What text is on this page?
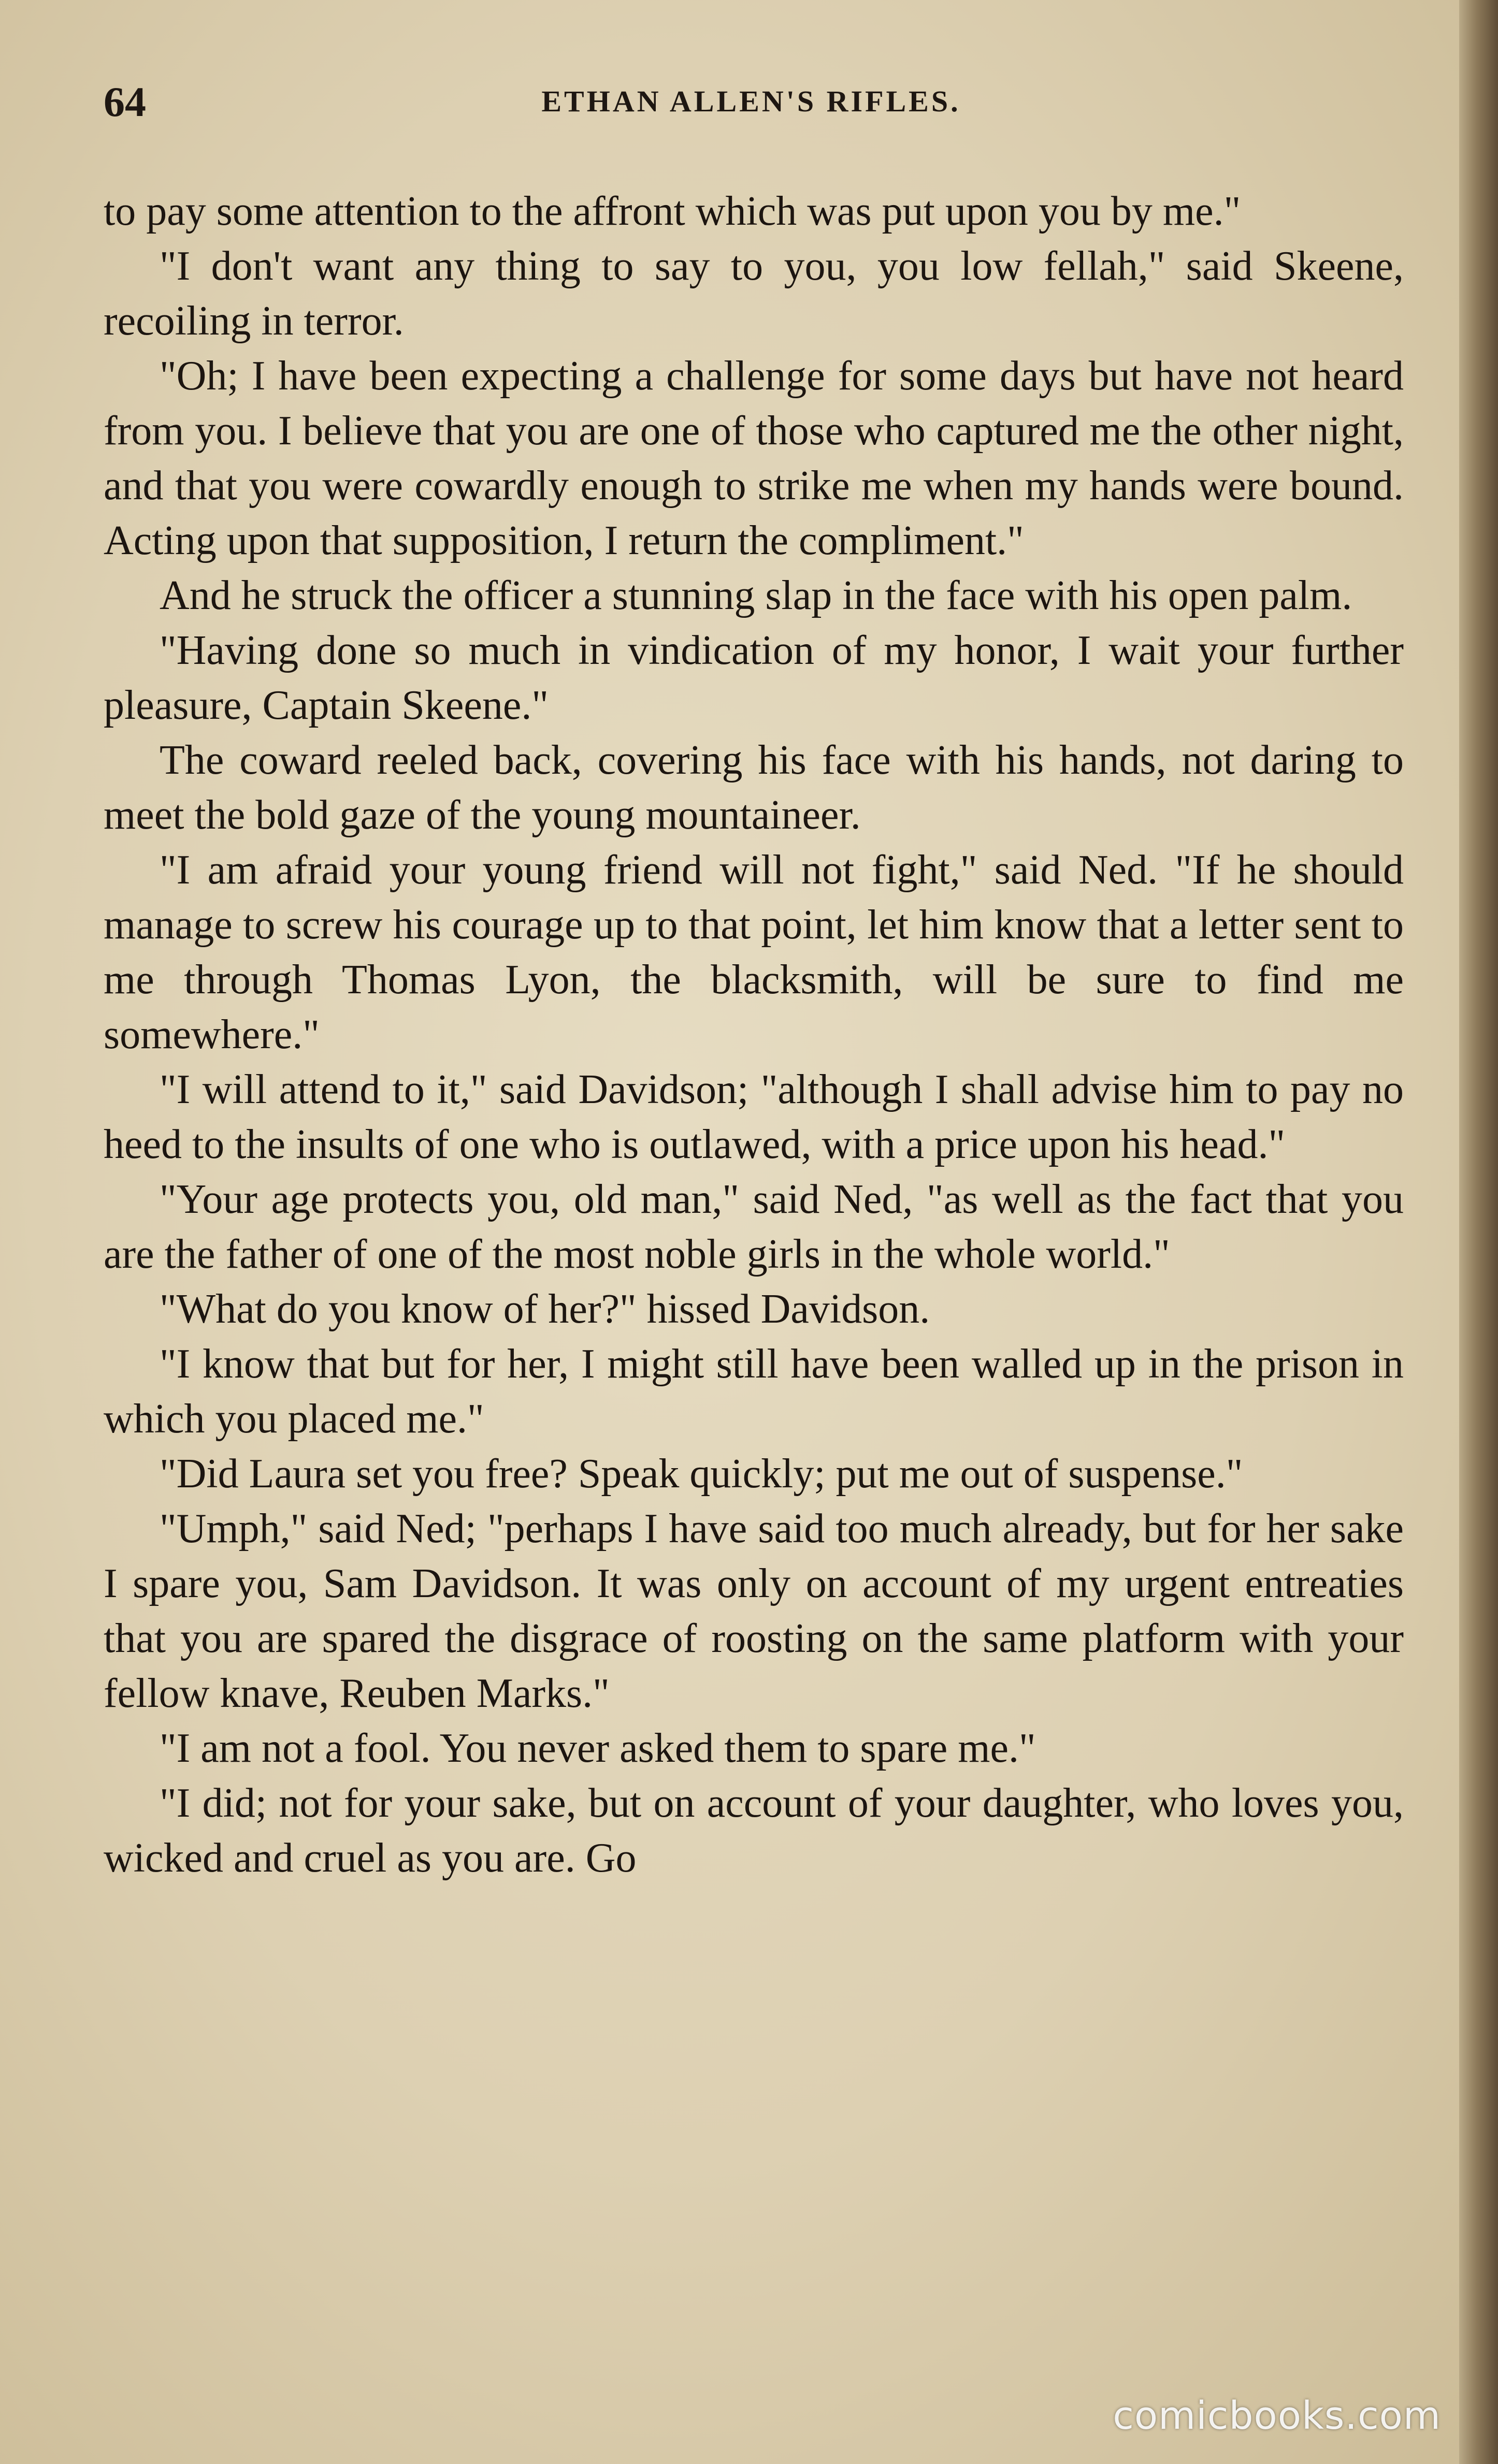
64	ETHAN ALLEN'S RIFLES.

to pay some attention to the affront which was put upon you by me."

"I don't want any thing to say to you, you low fellah," said Skeene, recoiling in terror.

"Oh; I have been expecting a challenge for some days but have not heard from you. I believe that you are one of those who captured me the other night, and that you were cowardly enough to strike me when my hands were bound. Acting upon that supposition, I return the compliment."

And he struck the officer a stunning slap in the face with his open palm.

"Having done so much in vindication of my honor, I wait your further pleasure, Captain Skeene."

The coward reeled back, covering his face with his hands, not daring to meet the bold gaze of the young mountaineer.

"I am afraid your young friend will not fight," said Ned. "If he should manage to screw his courage up to that point, let him know that a letter sent to me through Thomas Lyon, the blacksmith, will be sure to find me somewhere."

"I will attend to it," said Davidson; "although I shall advise him to pay no heed to the insults of one who is outlawed, with a price upon his head."

"Your age protects you, old man," said Ned, "as well as the fact that you are the father of one of the most noble girls in the whole world."

"What do you know of her?" hissed Davidson.

"I know that but for her, I might still have been walled up in the prison in which you placed me."

"Did Laura set you free? Speak quickly; put me out of suspense."

"Umph," said Ned; "perhaps I have said too much already, but for her sake I spare you, Sam Davidson. It was only on account of my urgent entreaties that you are spared the disgrace of roosting on the same platform with your fellow knave, Reuben Marks."

"I am not a fool. You never asked them to spare me."

"I did; not for your sake, but on account of your daughter, who loves you, wicked and cruel as you are. Go

comicbooks.com
